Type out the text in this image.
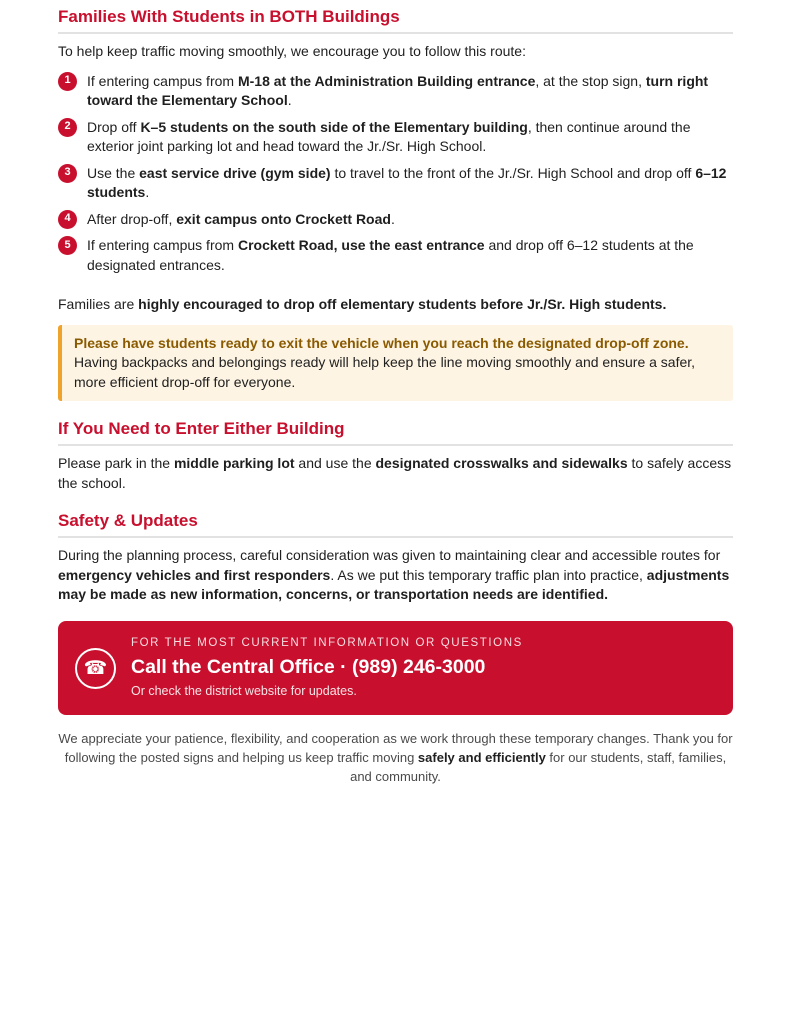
Families With Students in BOTH Buildings

To help keep traffic moving smoothly, we encourage you to follow this route:

1	If entering campus from M-18 at the Administration Building entrance, at the stop sign, turn right toward the Elementary School.
2	Drop off K–5 students on the south side of the Elementary building, then continue around the exterior joint parking lot and head toward the Jr./Sr. High School.
3	Use the east service drive (gym side) to travel to the front of the Jr./Sr. High School and drop off 6–12 students.
4	After drop-off, exit campus onto Crockett Road.
5	If entering campus from Crockett Road, use the east entrance and drop off 6–12 students at the designated entrances.

Families are highly encouraged to drop off elementary students before Jr./Sr. High students.

Please have students ready to exit the vehicle when you reach the designated drop-off zone.
Having backpacks and belongings ready will help keep the line moving smoothly and ensure a safer, more efficient drop-off for everyone.
If You Need to Enter Either Building

Please park in the middle parking lot and use the designated crosswalks and sidewalks to safely access the school.

Safety & Updates

During the planning process, careful consideration was given to maintaining clear and accessible routes for emergency vehicles and first responders. As we put this temporary traffic plan into practice, adjustments may be made as new information, concerns, or transportation needs are identified.

☎
FOR THE MOST CURRENT INFORMATION OR QUESTIONS
Call the Central Office · (989) 246-3000
Or check the district website for updates.

We appreciate your patience, flexibility, and cooperation as we work through these temporary changes. Thank you for following the posted signs and helping us keep traffic moving safely and efficiently for our students, staff, families, and community.
